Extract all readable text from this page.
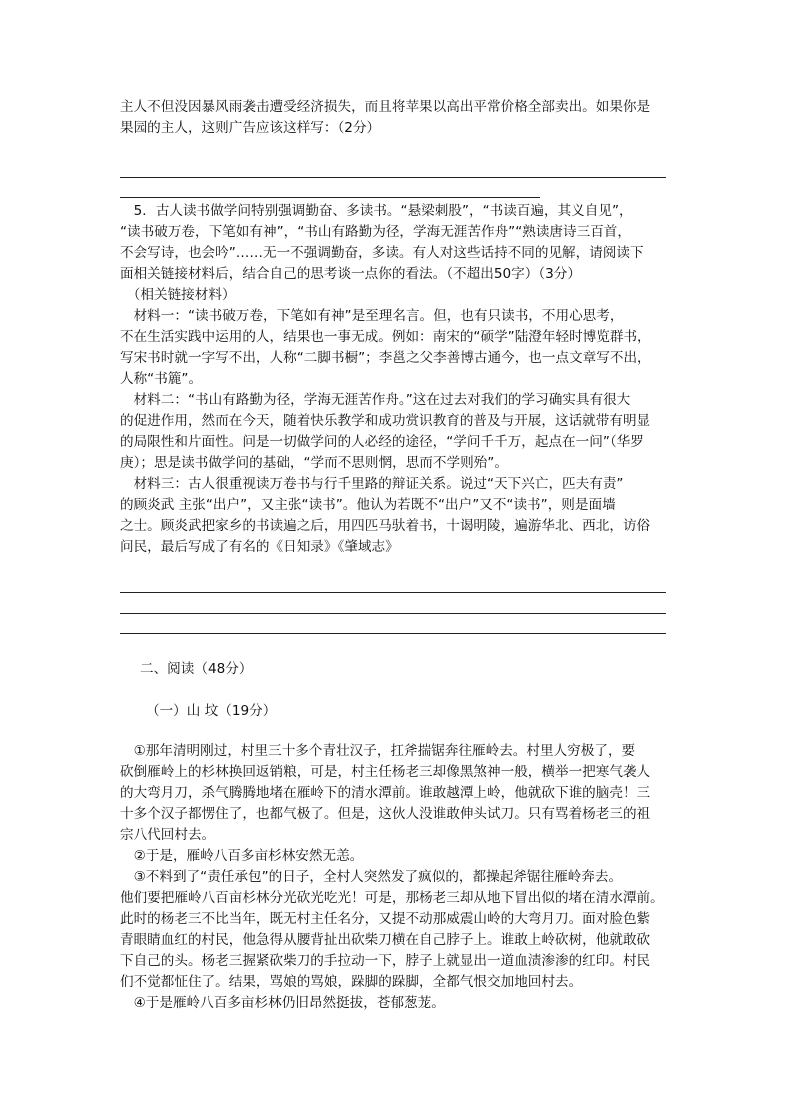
主人不但没因暴风雨袭击遭受经济损失，而且将苹果以高出平常价格全部卖出。如果你是
果园的主人，这则广告应该这样写：（2分）
　5．古人读书做学问特别强调勤奋、多读书。“悬梁刺股”，“书读百遍，其义自见”，
“读书破万卷，下笔如有神”，“书山有路勤为径，学海无涯苦作舟”“熟读唐诗三百首，
不会写诗，也会吟”……无一不强调勤奋，多读。有人对这些话持不同的见解，请阅读下
面相关链接材料后，结合自己的思考谈一点你的看法。（不超出50字）（3分）
　（相关链接材料）
　材料一：“读书破万卷，下笔如有神”是至理名言。但，也有只读书，不用心思考，
不在生活实践中运用的人，结果也一事无成。例如：南宋的“硕学”陆澄年轻时博览群书，
写宋书时就一字写不出，人称“二脚书橱”；李邕之父李善博古通今，也一点文章写不出，
人称“书簏”。
　材料二：“书山有路勤为径，学海无涯苦作舟。”这在过去对我们的学习确实具有很大
的促进作用，然而在今天，随着快乐教学和成功赏识教育的普及与开展，这话就带有明显
的局限性和片面性。问是一切做学问的人必经的途径，“学问千千万，起点在一问”（华罗
庚）；思是读书做学问的基础，“学而不思则惘，思而不学则殆”。
　材料三：古人很重视读万卷书与行千里路的辩证关系。说过“天下兴亡，匹夫有责”
的顾炎武 主张“出户”，又主张“读书”。他认为若既不“出户”又不“读书”，则是面墙
之士。顾炎武把家乡的书读遍之后，用四匹马驮着书，十谒明陵，遍游华北、西北，访俗
问民，最后写成了有名的《日知录》《肇域志》
二、阅读（48分）
（一）山 坟（19分）
　①那年清明刚过，村里三十多个青壮汉子，扛斧揣锯奔往雁岭去。村里人穷极了，要
砍倒雁岭上的杉林换回返销粮，可是，村主任杨老三却像黑煞神一般，横举一把寒气袭人
的大弯月刀，杀气腾腾地堵在雁岭下的清水潭前。谁敢越潭上岭，他就砍下谁的脑壳！三
十多个汉子都愣住了，也都气极了。但是，这伙人没谁敢伸头试刀。只有骂着杨老三的祖
宗八代回村去。
　②于是，雁岭八百多亩杉林安然无恙。
　③不料到了“责任承包”的日子，全村人突然发了疯似的，都操起斧锯往雁岭奔去。
他们要把雁岭八百亩杉林分光砍光吃光！可是，那杨老三却从地下冒出似的堵在清水潭前。
此时的杨老三不比当年，既无村主任名分，又提不动那威震山岭的大弯月刀。面对脸色紫
青眼睛血红的村民，他急得从腰背扯出砍柴刀横在自己脖子上。谁敢上岭砍树，他就敢砍
下自己的头。杨老三握紧砍柴刀的手拉动一下，脖子上就显出一道血渍渗渗的红印。村民
们不觉都怔住了。结果，骂娘的骂娘，跺脚的跺脚，全都气恨交加地回村去。
　④于是雁岭八百多亩杉林仍旧昂然挺拔，苍郁葱茏。
